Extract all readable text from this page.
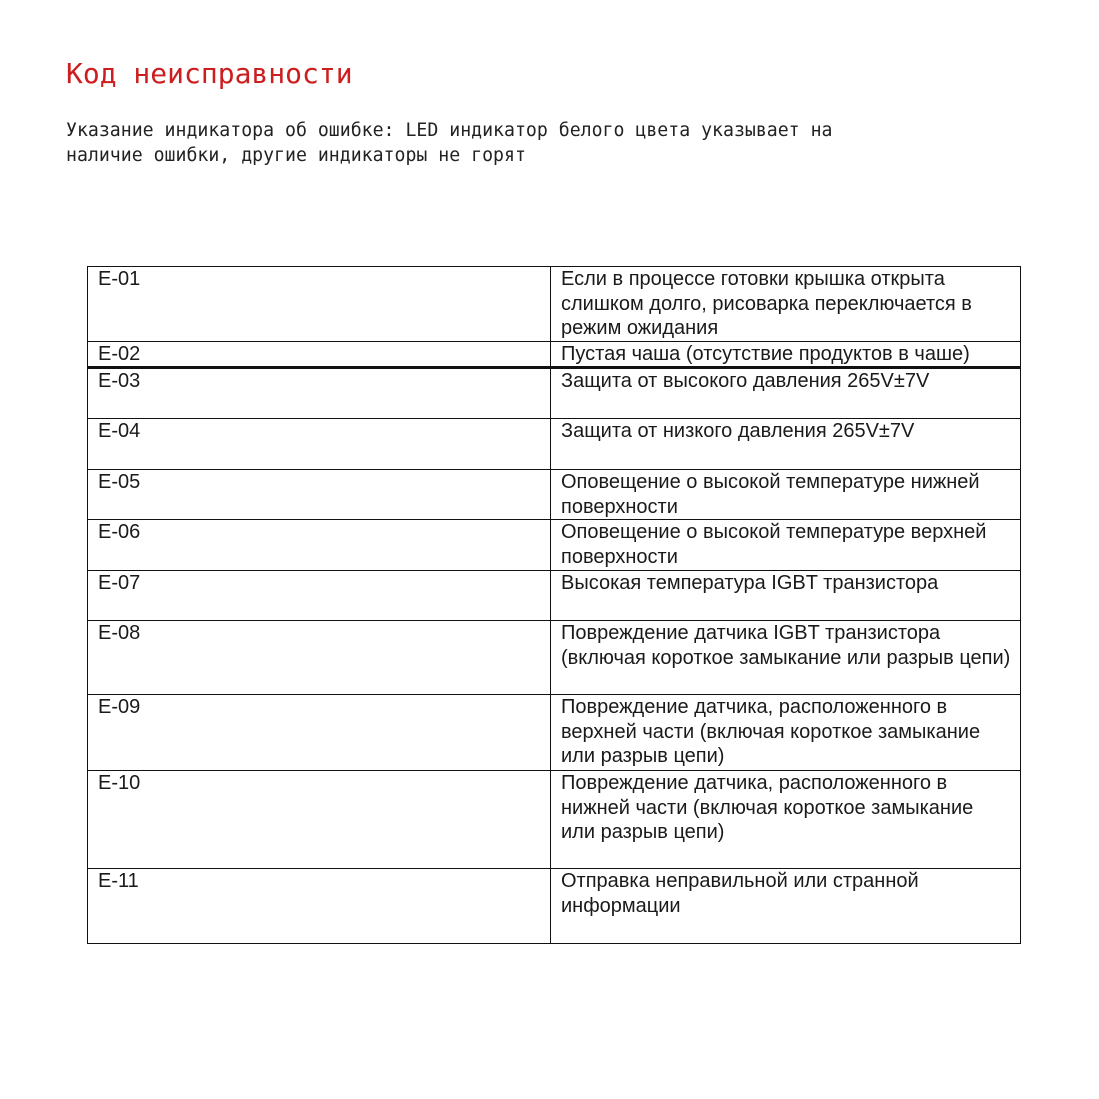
Код неисправности

Указание индикатора об ошибке: LED индикатор белого цвета указывает на
наличие ошибки, другие индикаторы не горят

E-01	Если в процессе готовки крышка открыта слишком долго, рисоварка переключается в режим ожидания
E-02	Пустая чаша (отсутствие продуктов в чаше)
E-03	Защита от высокого давления 265V±7V
E-04	Защита от низкого давления 265V±7V
E-05	Оповещение о высокой температуре нижней поверхности
E-06	Оповещение о высокой температуре верхней поверхности
E-07	Высокая температура IGBT транзистора
E-08	Повреждение датчика IGBT транзистора (включая короткое замыкание или разрыв цепи)
E-09	Повреждение датчика, расположенного в верхней части (включая короткое замыкание или разрыв цепи)
E-10	Повреждение датчика, расположенного в нижней части (включая короткое замыкание или разрыв цепи)
E-11	Отправка неправильной или странной информации
